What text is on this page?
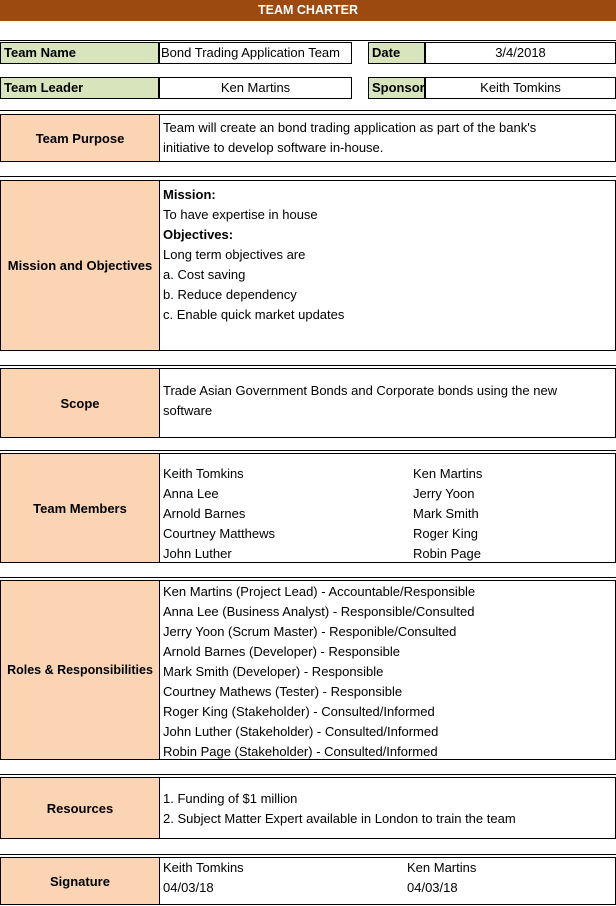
TEAM CHARTER
Team Name	Bond Trading Application Team	Date	3/4/2018
Team Leader	Ken Martins	Sponsor	Keith Tomkins
Team Purpose
Team will create an bond trading application as part of the bank's
initiative to develop software in-house.
Mission and Objectives
Mission:
To have expertise in house
Objectives:
Long term objectives are
a. Cost saving
b. Reduce dependency
c. Enable quick market updates
Scope
Trade Asian Government Bonds and Corporate bonds using the new
software
Team Members
Keith Tomkins	Ken Martins
Anna Lee	Jerry Yoon
Arnold Barnes	Mark Smith
Courtney Matthews	Roger King
John Luther	Robin Page
Roles & Responsibilities
Ken Martins (Project Lead) - Accountable/Responsible
Anna Lee (Business Analyst) - Responsible/Consulted
Jerry Yoon (Scrum Master) - Responible/Consulted
Arnold Barnes (Developer) - Responsible
Mark Smith (Developer) - Responsible
Courtney Mathews (Tester) - Responsible
Roger King (Stakeholder) - Consulted/Informed
John Luther (Stakeholder) - Consulted/Informed
Robin Page (Stakeholder) - Consulted/Informed
Resources
1. Funding of $1 million
2. Subject Matter Expert available in London to train the team
Signature
Keith Tomkins	Ken Martins
04/03/18	04/03/18
